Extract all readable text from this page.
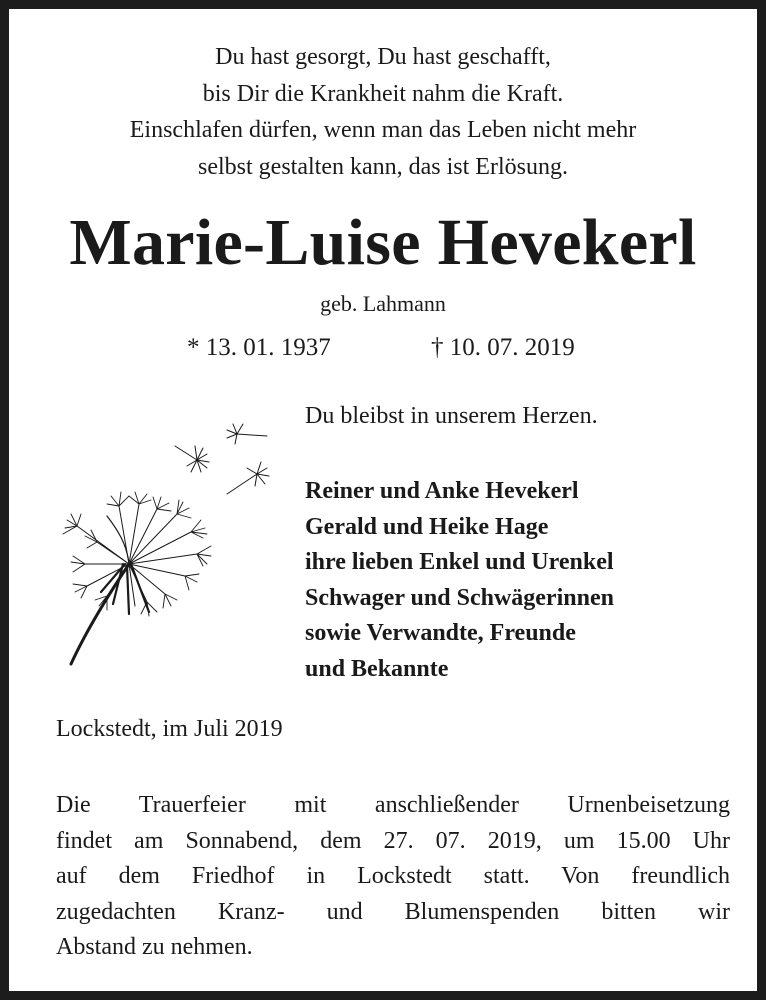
Du hast gesorgt, Du hast geschafft,
bis Dir die Krankheit nahm die Kraft.
Einschlafen dürfen, wenn man das Leben nicht mehr
selbst gestalten kann, das ist Erlösung.
Marie-Luise Hevekerl
geb. Lahmann
* 13. 01. 1937	† 10. 07. 2019
Du bleibst in unserem Herzen.
Reiner und Anke Hevekerl
Gerald und Heike Hage
ihre lieben Enkel und Urenkel
Schwager und Schwägerinnen
sowie Verwandte, Freunde
und Bekannte
Lockstedt, im Juli 2019
Die Trauerfeier mit anschließender Urnenbeisetzung
findet am Sonnabend, dem 27. 07. 2019, um 15.00 Uhr
auf dem Friedhof in Lockstedt statt. Von freundlich
zugedachten Kranz- und Blumenspenden bitten wir
Abstand zu nehmen.
